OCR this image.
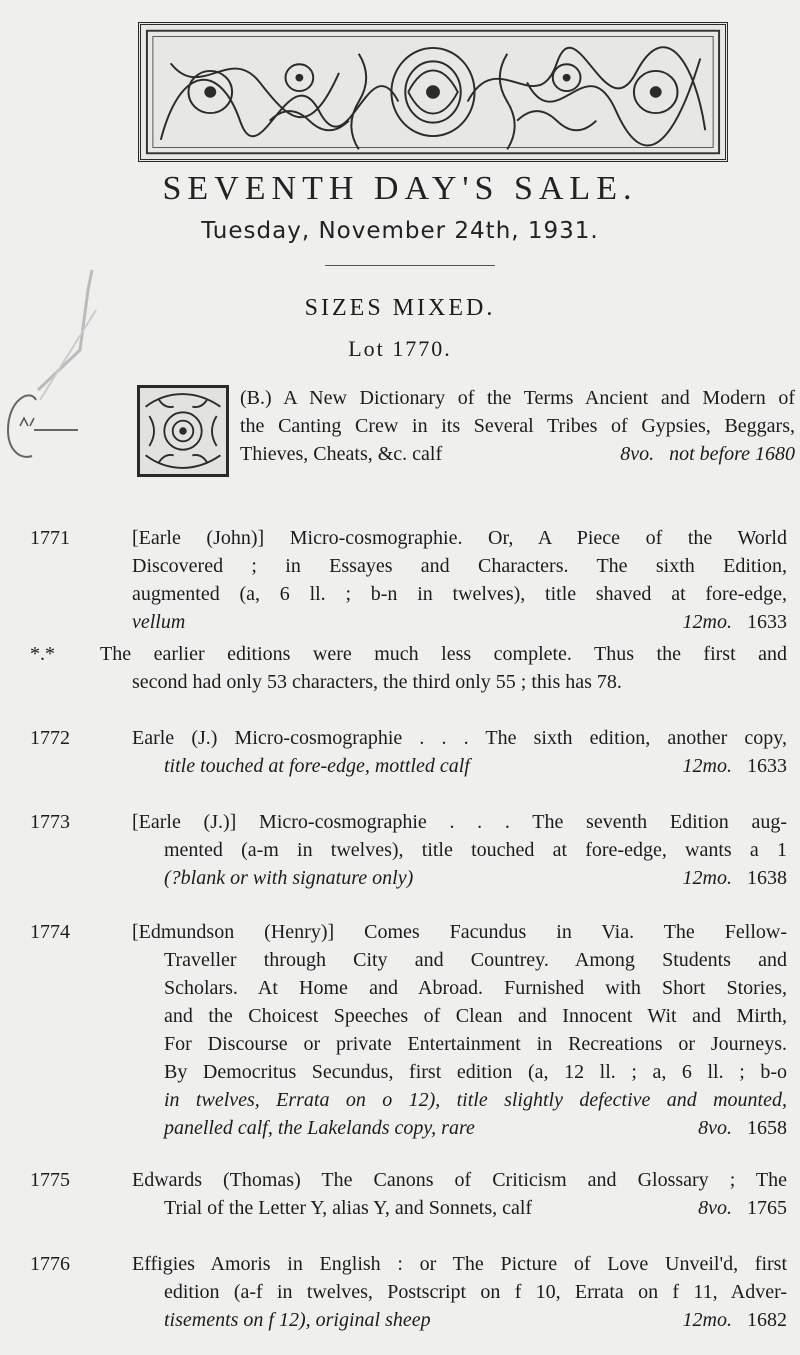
SEVENTH DAY'S SALE.
Tuesday, November 24th, 1931.
SIZES MIXED.
Lot 1770.
(B.) A New Dictionary of the Terms Ancient and Modern of
the Canting Crew in its Several Tribes of Gypsies, Beggars,
Thieves, Cheats, &c. calf	8vo. not before 1680
1771	[Earle (John)] Micro-cosmographie. Or, A Piece of the World
Discovered ; in Essayes and Characters. The sixth Edition,
augmented (a, 6 ll. ; b-n in twelves), title shaved at fore-edge,
vellum	12mo. 1633
*.*	The earlier editions were much less complete. Thus the first and
second had only 53 characters, the third only 55 ; this has 78.
1772	Earle (J.) Micro-cosmographie . . . The sixth edition, another copy,
title touched at fore-edge, mottled calf	12mo. 1633
1773	[Earle (J.)] Micro-cosmographie . . . The seventh Edition aug-
mented (a-m in twelves), title touched at fore-edge, wants a 1
(?blank or with signature only)	12mo. 1638
1774	[Edmundson (Henry)] Comes Facundus in Via. The Fellow-
Traveller through City and Countrey. Among Students and
Scholars. At Home and Abroad. Furnished with Short Stories,
and the Choicest Speeches of Clean and Innocent Wit and Mirth,
For Discourse or private Entertainment in Recreations or Journeys.
By Democritus Secundus, first edition (a, 12 ll. ; a, 6 ll. ; b-o
in twelves, Errata on o 12), title slightly defective and mounted,
panelled calf, the Lakelands copy, rare	8vo. 1658
1775	Edwards (Thomas) The Canons of Criticism and Glossary ; The
Trial of the Letter Y, alias Y, and Sonnets, calf	8vo. 1765
1776	Effigies Amoris in English : or The Picture of Love Unveil'd, first
edition (a-f in twelves, Postscript on f 10, Errata on f 11, Adver-
tisements on f 12), original sheep	12mo. 1682
